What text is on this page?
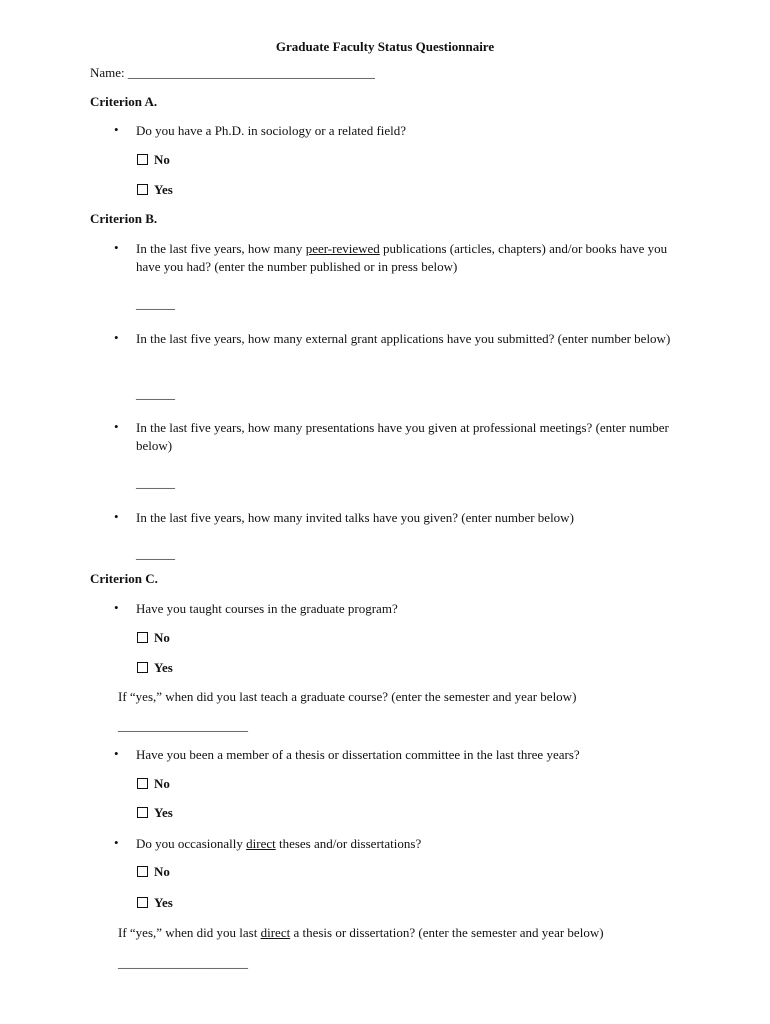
Graduate Faculty Status Questionnaire
Name: ______________________________________
Criterion A.
• Do you have a Ph.D. in sociology or a related field?
No
Yes
Criterion B.
• In the last five years, how many peer-reviewed publications (articles, chapters) and/or books have you have you had? (enter the number published or in press below)
______
• In the last five years, how many external grant applications have you submitted? (enter number below)
______
• In the last five years, how many presentations have you given at professional meetings? (enter number below)
______
• In the last five years, how many invited talks have you given? (enter number below)
______
Criterion C.
• Have you taught courses in the graduate program?
No
Yes
If “yes,” when did you last teach a graduate course? (enter the semester and year below)
____________________
• Have you been a member of a thesis or dissertation committee in the last three years?
No
Yes
• Do you occasionally direct theses and/or dissertations?
No
Yes
If “yes,” when did you last direct a thesis or dissertation? (enter the semester and year below)
____________________
